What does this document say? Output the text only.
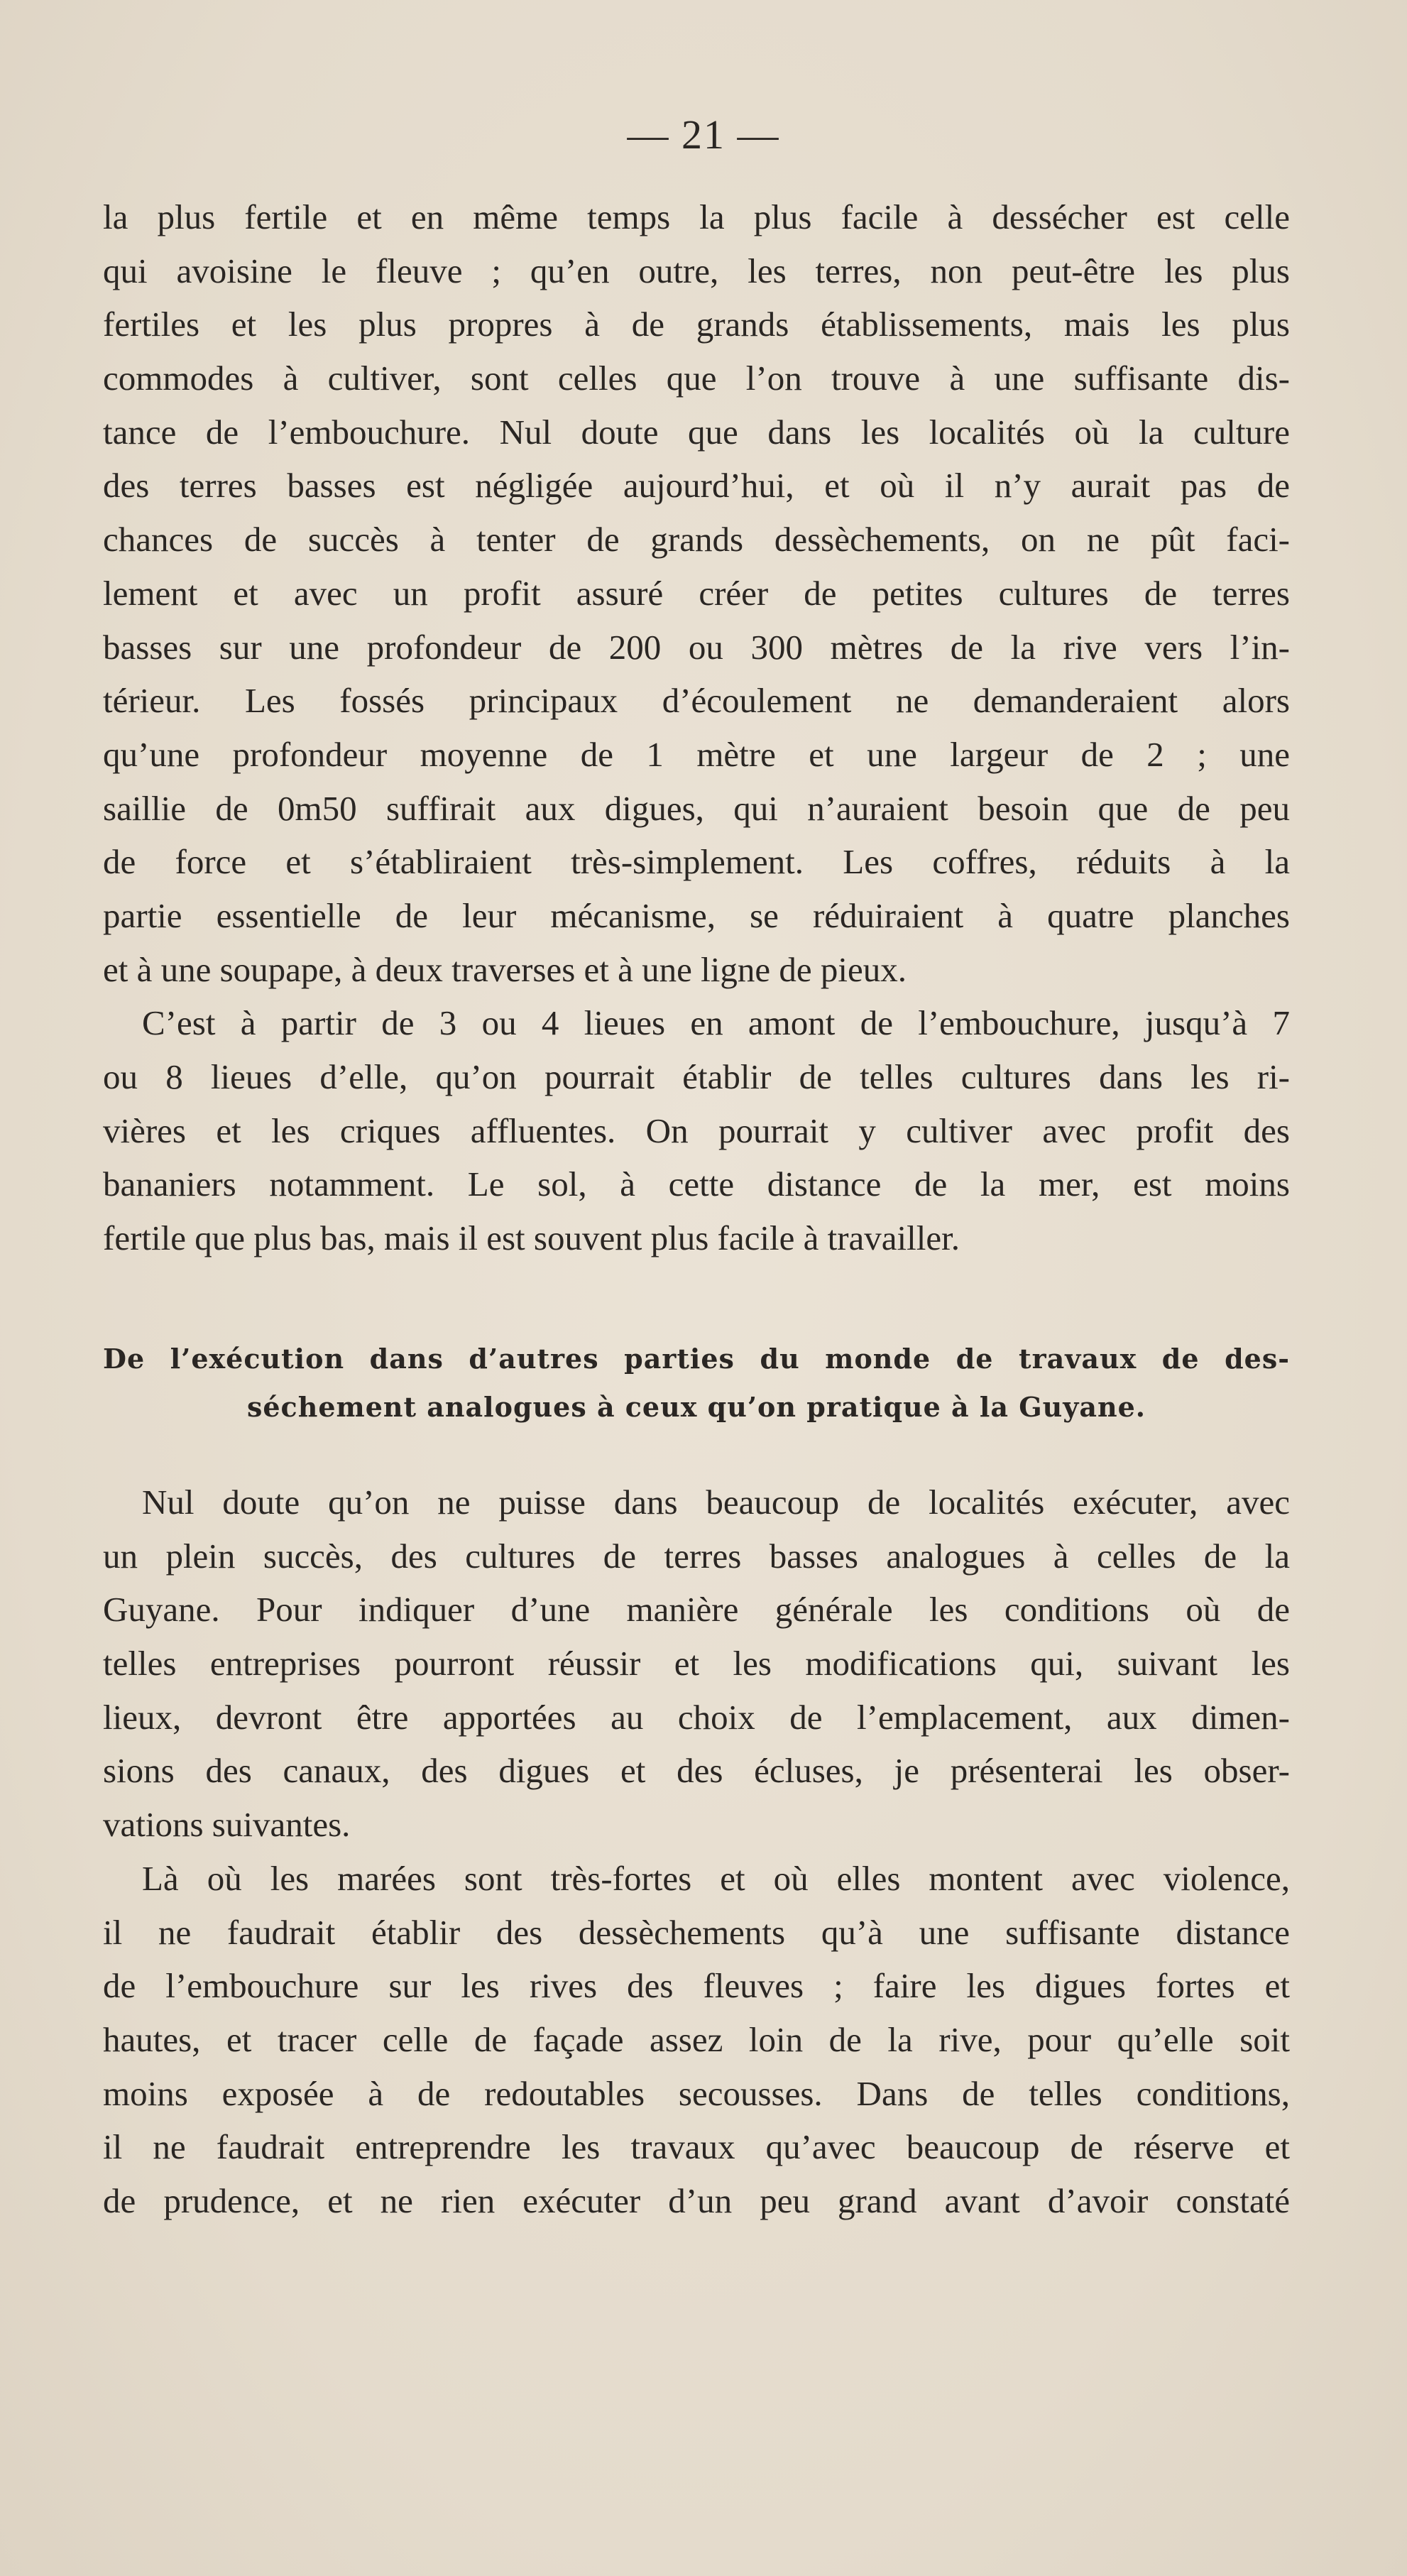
— 21 —
la plus fertile et en même temps la plus facile à dessécher est celle
qui avoisine le fleuve ; qu’en outre, les terres, non peut-être les plus
fertiles et les plus propres à de grands établissements, mais les plus
commodes à cultiver, sont celles que l’on trouve à une suffisante dis-
tance de l’embouchure. Nul doute que dans les localités où la culture
des terres basses est négligée aujourd’hui, et où il n’y aurait pas de
chances de succès à tenter de grands dessèchements, on ne pût faci-
lement et avec un profit assuré créer de petites cultures de terres
basses sur une profondeur de 200 ou 300 mètres de la rive vers l’in-
térieur. Les fossés principaux d’écoulement ne demanderaient alors
qu’une profondeur moyenne de 1 mètre et une largeur de 2 ; une
saillie de 0m50 suffirait aux digues, qui n’auraient besoin que de peu
de force et s’établiraient très-simplement. Les coffres, réduits à la
partie essentielle de leur mécanisme, se réduiraient à quatre planches
et à une soupape, à deux traverses et à une ligne de pieux.
C’est à partir de 3 ou 4 lieues en amont de l’embouchure, jusqu’à 7
ou 8 lieues d’elle, qu’on pourrait établir de telles cultures dans les ri-
vières et les criques affluentes. On pourrait y cultiver avec profit des
bananiers notamment. Le sol, à cette distance de la mer, est moins
fertile que plus bas, mais il est souvent plus facile à travailler.
De l’exécution dans d’autres parties du monde de travaux de des-
séchement analogues à ceux qu’on pratique à la Guyane.
Nul doute qu’on ne puisse dans beaucoup de localités exécuter, avec
un plein succès, des cultures de terres basses analogues à celles de la
Guyane. Pour indiquer d’une manière générale les conditions où de
telles entreprises pourront réussir et les modifications qui, suivant les
lieux, devront être apportées au choix de l’emplacement, aux dimen-
sions des canaux, des digues et des écluses, je présenterai les obser-
vations suivantes.
Là où les marées sont très-fortes et où elles montent avec violence,
il ne faudrait établir des dessèchements qu’à une suffisante distance
de l’embouchure sur les rives des fleuves ; faire les digues fortes et
hautes, et tracer celle de façade assez loin de la rive, pour qu’elle soit
moins exposée à de redoutables secousses. Dans de telles conditions,
il ne faudrait entreprendre les travaux qu’avec beaucoup de réserve et
de prudence, et ne rien exécuter d’un peu grand avant d’avoir constaté
